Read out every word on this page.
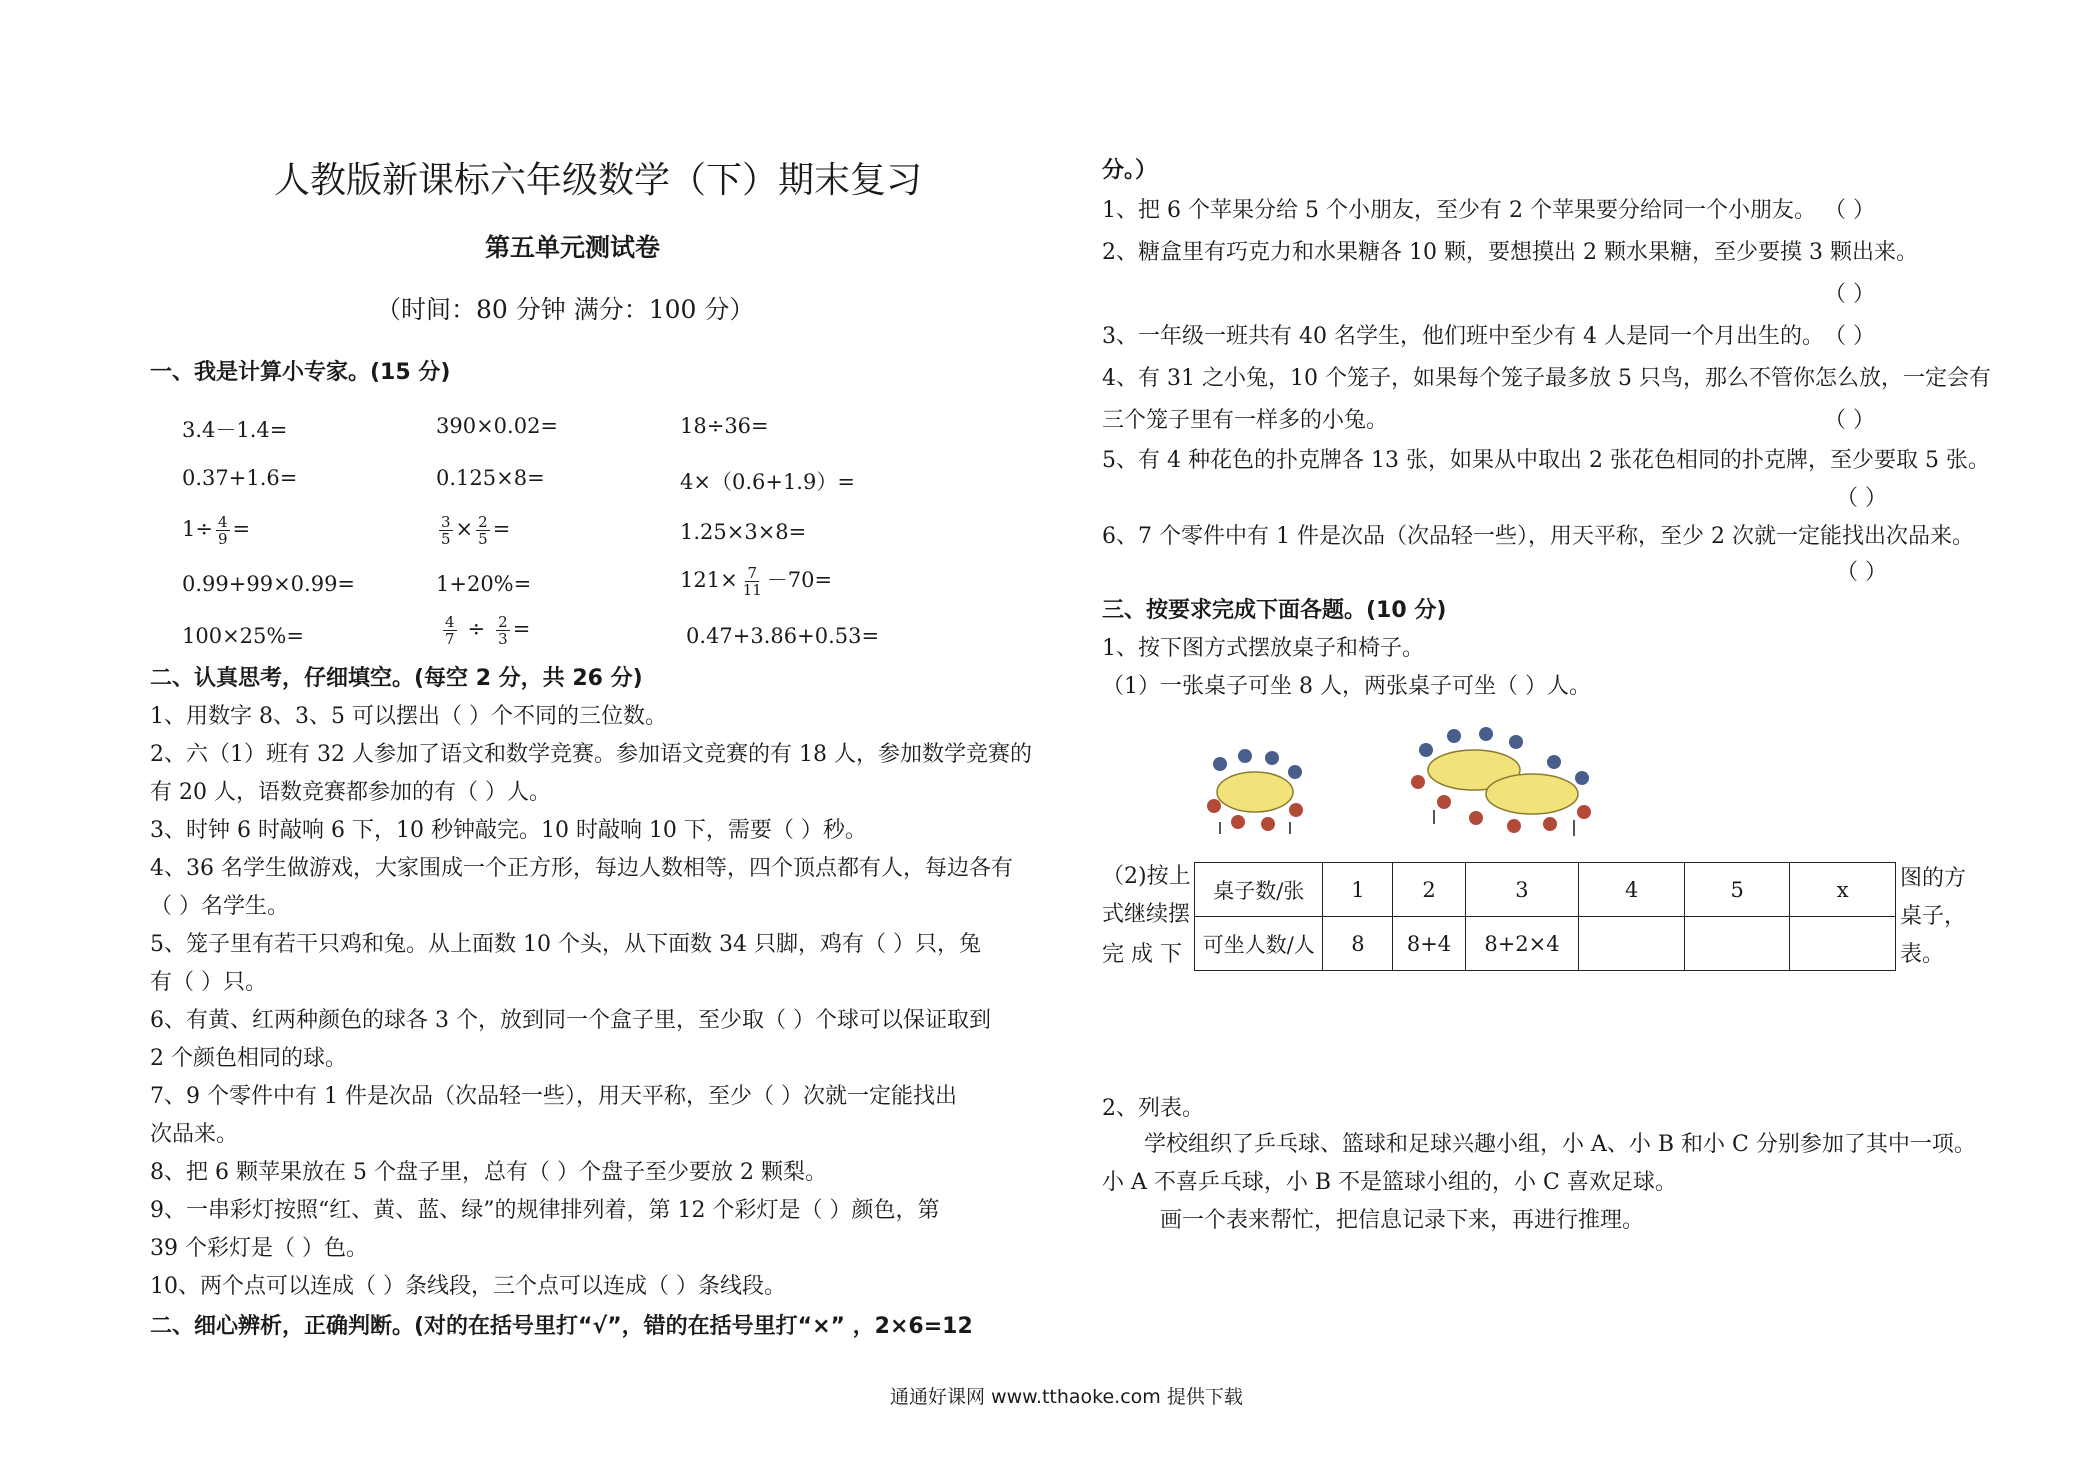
人教版新课标六年级数学（下）期末复习
第五单元测试卷
（时间：80 分钟 满分：100 分）
一、我是计算小专家。(15 分)
3.4－1.4=	390×0.02=	18÷36=
0.37+1.6=	0.125×8=	4×（0.6+1.9）=
$1\div \frac{4}{9}$ =	$\frac{3}{5} \times \frac{2}{5}$ =	1.25×3×8=
0.99+99×0.99=	1+20%=	$121\times \frac{7}{11} -70=$
100×25%=	$\frac{4}{7} \div \frac{2}{3}$ =	0.47+3.86+0.53=
二、认真思考，仔细填空。(每空 2 分，共 26 分)
1、用数字 8、3、5 可以摆出（ ）个不同的三位数。
2、六（1）班有 32 人参加了语文和数学竞赛。参加语文竞赛的有 18 人，参加数学竞赛的
有 20 人，语数竞赛都参加的有（ ）人。
3、时钟 6 时敲响 6 下，10 秒钟敲完。10 时敲响 10 下，需要（ ）秒。
4、36 名学生做游戏，大家围成一个正方形，每边人数相等，四个顶点都有人，每边各有
（ ）名学生。
5、笼子里有若干只鸡和兔。从上面数 10 个头，从下面数 34 只脚，鸡有（ ）只，兔
有（ ）只。
6、有黄、红两种颜色的球各 3 个，放到同一个盒子里，至少取（ ）个球可以保证取到
2 个颜色相同的球。
7、9 个零件中有 1 件是次品（次品轻一些），用天平称，至少（ ）次就一定能找出
次品来。
8、把 6 颗苹果放在 5 个盘子里，总有（ ）个盘子至少要放 2 颗梨。
9、一串彩灯按照“红、黄、蓝、绿”的规律排列着，第 12 个彩灯是（ ）颜色，第
39 个彩灯是（ ）色。
10、两个点可以连成（ ）条线段，三个点可以连成（ ）条线段。
二、细心辨析，正确判断。(对的在括号里打“√”，错的在括号里打“×” ，2×6=12
分。）
1、把 6 个苹果分给 5 个小朋友，至少有 2 个苹果要分给同一个小朋友。 （ ）
2、糖盒里有巧克力和水果糖各 10 颗，要想摸出 2 颗水果糖，至少要摸 3 颗出来。
（ ）
3、一年级一班共有 40 名学生，他们班中至少有 4 人是同一个月出生的。 （ ）
4、有 31 之小兔，10 个笼子，如果每个笼子最多放 5 只鸟，那么不管你怎么放，一定会有
三个笼子里有一样多的小兔。	（ ）
5、有 4 种花色的扑克牌各 13 张，如果从中取出 2 张花色相同的扑克牌，至少要取 5 张。
（ ）
6、7 个零件中有 1 件是次品（次品轻一些），用天平称，至少 2 次就一定能找出次品来。
（ ）
三、按要求完成下面各题。(10 分)
1、按下图方式摆放桌子和椅子。
（1）一张桌子可坐 8 人，两张桌子可坐（ ）人。
（2)按上
式继续摆
完 成 下
图的方
桌子，
表。
桌子数/张	1	2	3	4	5	x
可坐人数/人	8	8+4	8+2×4			
2、列表。
学校组织了乒乓球、篮球和足球兴趣小组，小 A、小 B 和小 C 分别参加了其中一项。
小 A 不喜乒乓球，小 B 不是篮球小组的，小 C 喜欢足球。
画一个表来帮忙，把信息记录下来，再进行推理。
通通好课网 www.tthaoke.com 提供下载
